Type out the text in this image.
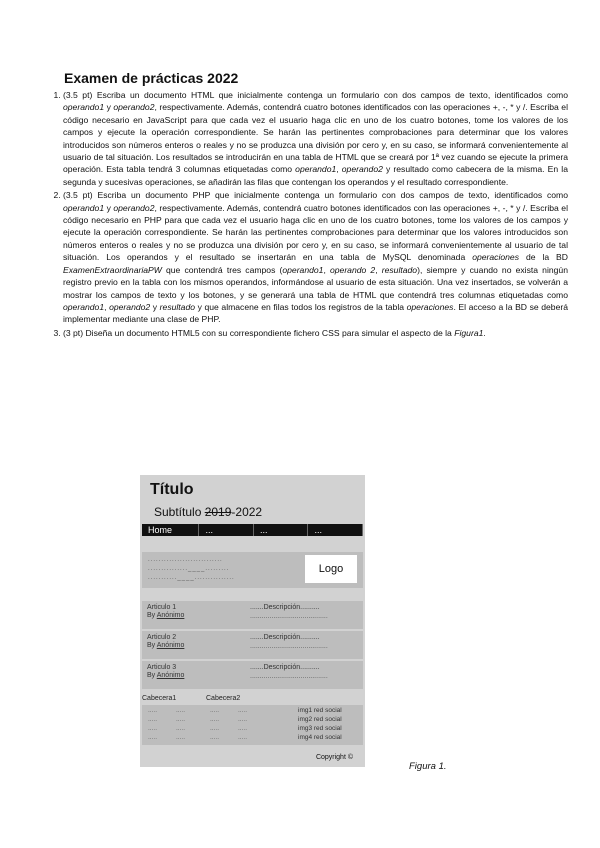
Examen de prácticas 2022
1. (3.5 pt) Escriba un documento HTML que inicialmente contenga un formulario con dos campos de texto, identificados como operando1 y operando2, respectivamente. Además, contendrá cuatro botones identificados con las operaciones +, -, * y /. Escriba el código necesario en JavaScript para que cada vez el usuario haga clic en uno de los cuatro botones, tome los valores de los campos y ejecute la operación correspondiente. Se harán las pertinentes comprobaciones para determinar que los valores introducidos son números enteros o reales y no se produzca una división por cero y, en su caso, se informará convenientemente al usuario de tal situación. Los resultados se introducirán en una tabla de HTML que se creará por 1ª vez cuando se ejecute la primera operación. Esta tabla tendrá 3 columnas etiquetadas como operando1, operando2 y resultado como cabecera de la misma. En la segunda y sucesivas operaciones, se añadirán las filas que contengan los operandos y el resultado correspondiente.
2. (3.5 pt) Escriba un documento PHP que inicialmente contenga un formulario con dos campos de texto, identificados como operando1 y operando2, respectivamente. Además, contendrá cuatro botones identificados con las operaciones +, -, * y /. Escriba el código necesario en PHP para que cada vez el usuario haga clic en uno de los cuatro botones, tome los valores de los campos y ejecute la operación correspondiente. Se harán las pertinentes comprobaciones para determinar que los valores introducidos son números enteros o reales y no se produzca una división por cero y, en su caso, se informará convenientemente al usuario de tal situación. Los operandos y el resultado se insertarán en una tabla de MySQL denominada operaciones de la BD ExamenExtraordinariaPW que contendrá tres campos (operando1, operando 2, resultado), siempre y cuando no exista ningún registro previo en la tabla con los mismos operandos, informándose al usuario de esta situación. Una vez insertados, se volverán a mostrar los campos de texto y los botones, y se generará una tabla de HTML que contendrá tres columnas etiquetadas como operando1, operando2 y resultado y que almacene en filas todos los registros de la tabla operaciones. El acceso a la BD se deberá implementar mediante una clase de PHP.
3. (3 pt) Diseña un documento HTML5 con su correspondiente fichero CSS para simular el aspecto de la Figura1.
Título
Subtítulo 2019-2022
Home	...	...	...
............................
...............____.........
...........____...............
Logo
Articulo 1
By Anónimo
.......Descripción..........
........................................
Articulo 2
By Anónimo
.......Descripción..........
........................................
Articulo 3
By Anónimo
.......Descripción..........
........................................
Cabecera1	Cabecera2
.....	.....	.....	.....	img1 red social
.....	.....	.....	.....	img2 red social
.....	.....	.....	.....	img3 red social
.....	.....	.....	.....	img4 red social
Copyright ©
Figura 1.
